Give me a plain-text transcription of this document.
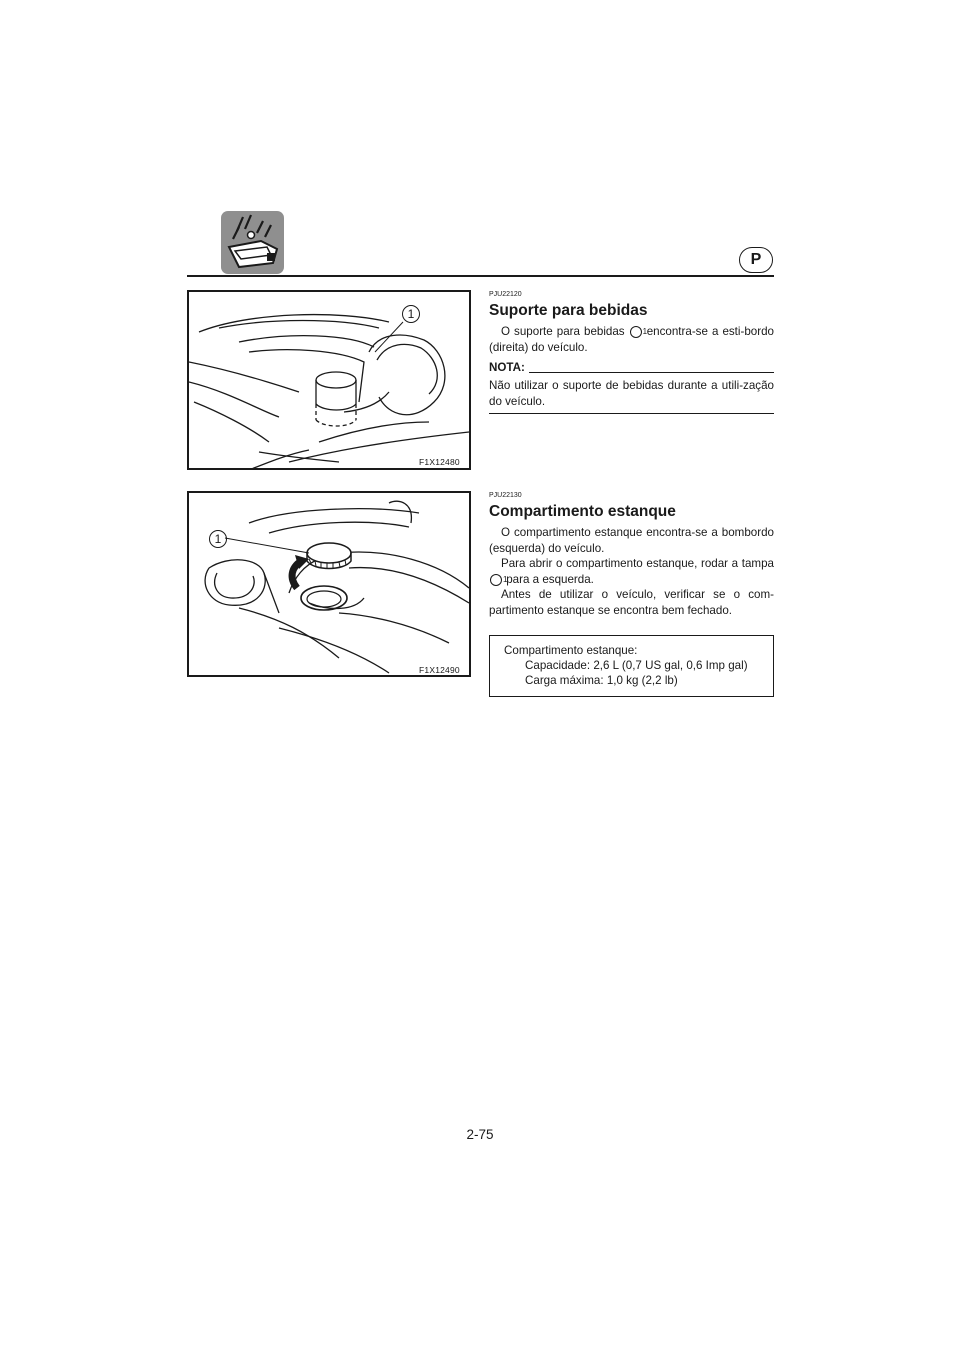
P
1
F1X12480

PJU22120

Suporte para bebidas

O suporte para bebidas 1 encontra-se a esti-bordo (direita) do veículo.

NOTA:

Não utilizar o suporte de bebidas durante a utili-zação do veículo.

1
F1X12490

PJU22130

Compartimento estanque

O compartimento estanque encontra-se a bombordo (esquerda) do veículo.

Para abrir o compartimento estanque, rodar a tampa 1 para a esquerda.

Antes de utilizar o veículo, verificar se o com-partimento estanque se encontra bem fechado.

Compartimento estanque:
Capacidade: 2,6 L (0,7 US gal, 0,6 Imp gal)
Carga máxima: 1,0 kg (2,2 lb)
2-75
